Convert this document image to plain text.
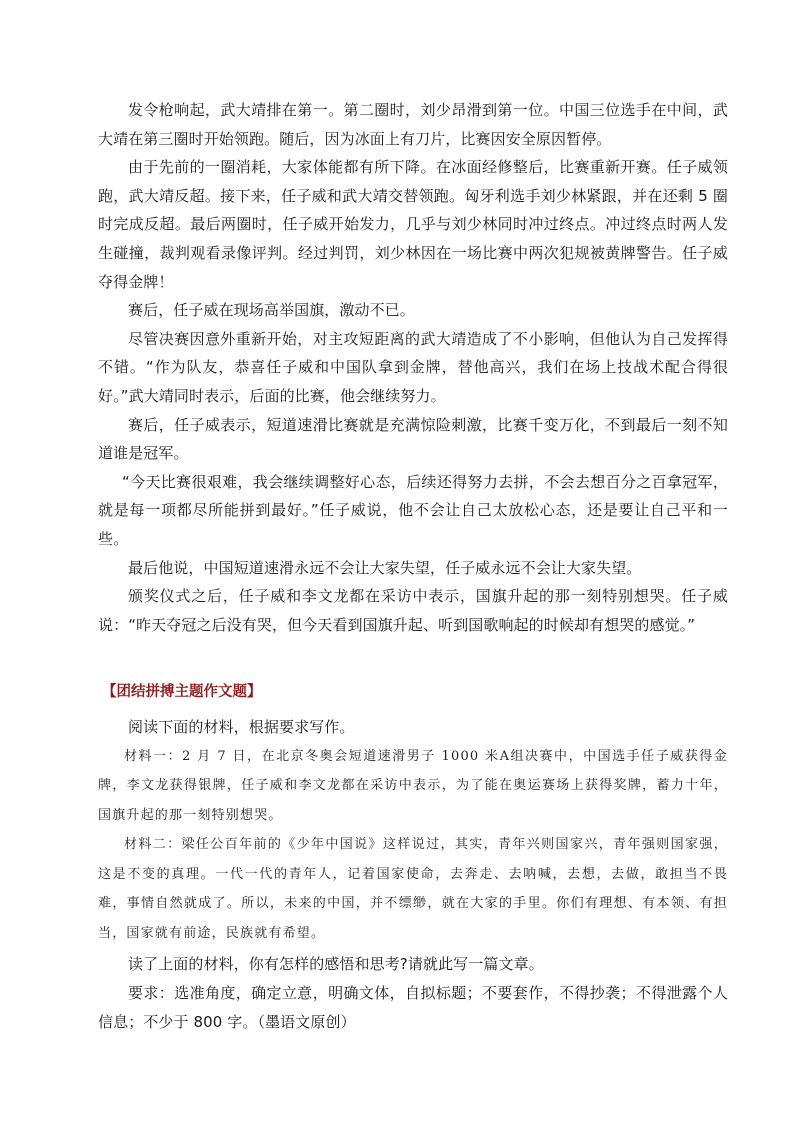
发令枪响起，武大靖排在第一。第二圈时，刘少昂滑到第一位。中国三位选手在中间，武大靖在第三圈时开始领跑。随后，因为冰面上有刀片，比赛因安全原因暂停。

由于先前的一圈消耗，大家体能都有所下降。在冰面经修整后，比赛重新开赛。任子威领跑，武大靖反超。接下来，任子威和武大靖交替领跑。匈牙利选手刘少林紧跟，并在还剩 5 圈时完成反超。最后两圈时，任子威开始发力，几乎与刘少林同时冲过终点。冲过终点时两人发生碰撞，裁判观看录像评判。经过判罚，刘少林因在一场比赛中两次犯规被黄牌警告。任子威夺得金牌！

赛后，任子威在现场高举国旗，激动不已。

尽管决赛因意外重新开始，对主攻短距离的武大靖造成了不小影响，但他认为自己发挥得不错。“作为队友，恭喜任子威和中国队拿到金牌，替他高兴，我们在场上技战术配合得很好。”武大靖同时表示，后面的比赛，他会继续努力。

赛后，任子威表示，短道速滑比赛就是充满惊险刺激，比赛千变万化，不到最后一刻不知道谁是冠军。

“今天比赛很艰难，我会继续调整好心态，后续还得努力去拼，不会去想百分之百拿冠军，就是每一项都尽所能拼到最好。”任子威说，他不会让自己太放松心态，还是要让自己平和一些。

最后他说，中国短道速滑永远不会让大家失望，任子威永远不会让大家失望。

颁奖仪式之后，任子威和李文龙都在采访中表示，国旗升起的那一刻特别想哭。任子威说：“昨天夺冠之后没有哭，但今天看到国旗升起、听到国歌响起的时候却有想哭的感觉。”

【团结拼搏主题作文题】

阅读下面的材料，根据要求写作。

材料一：2 月 7 日，在北京冬奥会短道速滑男子 1000 米A组决赛中，中国选手任子威获得金牌，李文龙获得银牌，任子威和李文龙都在采访中表示，为了能在奥运赛场上获得奖牌，蓄力十年，国旗升起的那一刻特别想哭。

材料二：梁任公百年前的《少年中国说》这样说过，其实，青年兴则国家兴，青年强则国家强，这是不变的真理。一代一代的青年人，记着国家使命，去奔走、去呐喊，去想，去做，敢担当不畏难，事情自然就成了。所以，未来的中国，并不缥缈，就在大家的手里。你们有理想、有本领、有担当，国家就有前途，民族就有希望。

读了上面的材料，你有怎样的感悟和思考?请就此写一篇文章。

要求：选准角度，确定立意，明确文体，自拟标题；不要套作，不得抄袭；不得泄露个人信息；不少于 800 字。（墨语文原创）
